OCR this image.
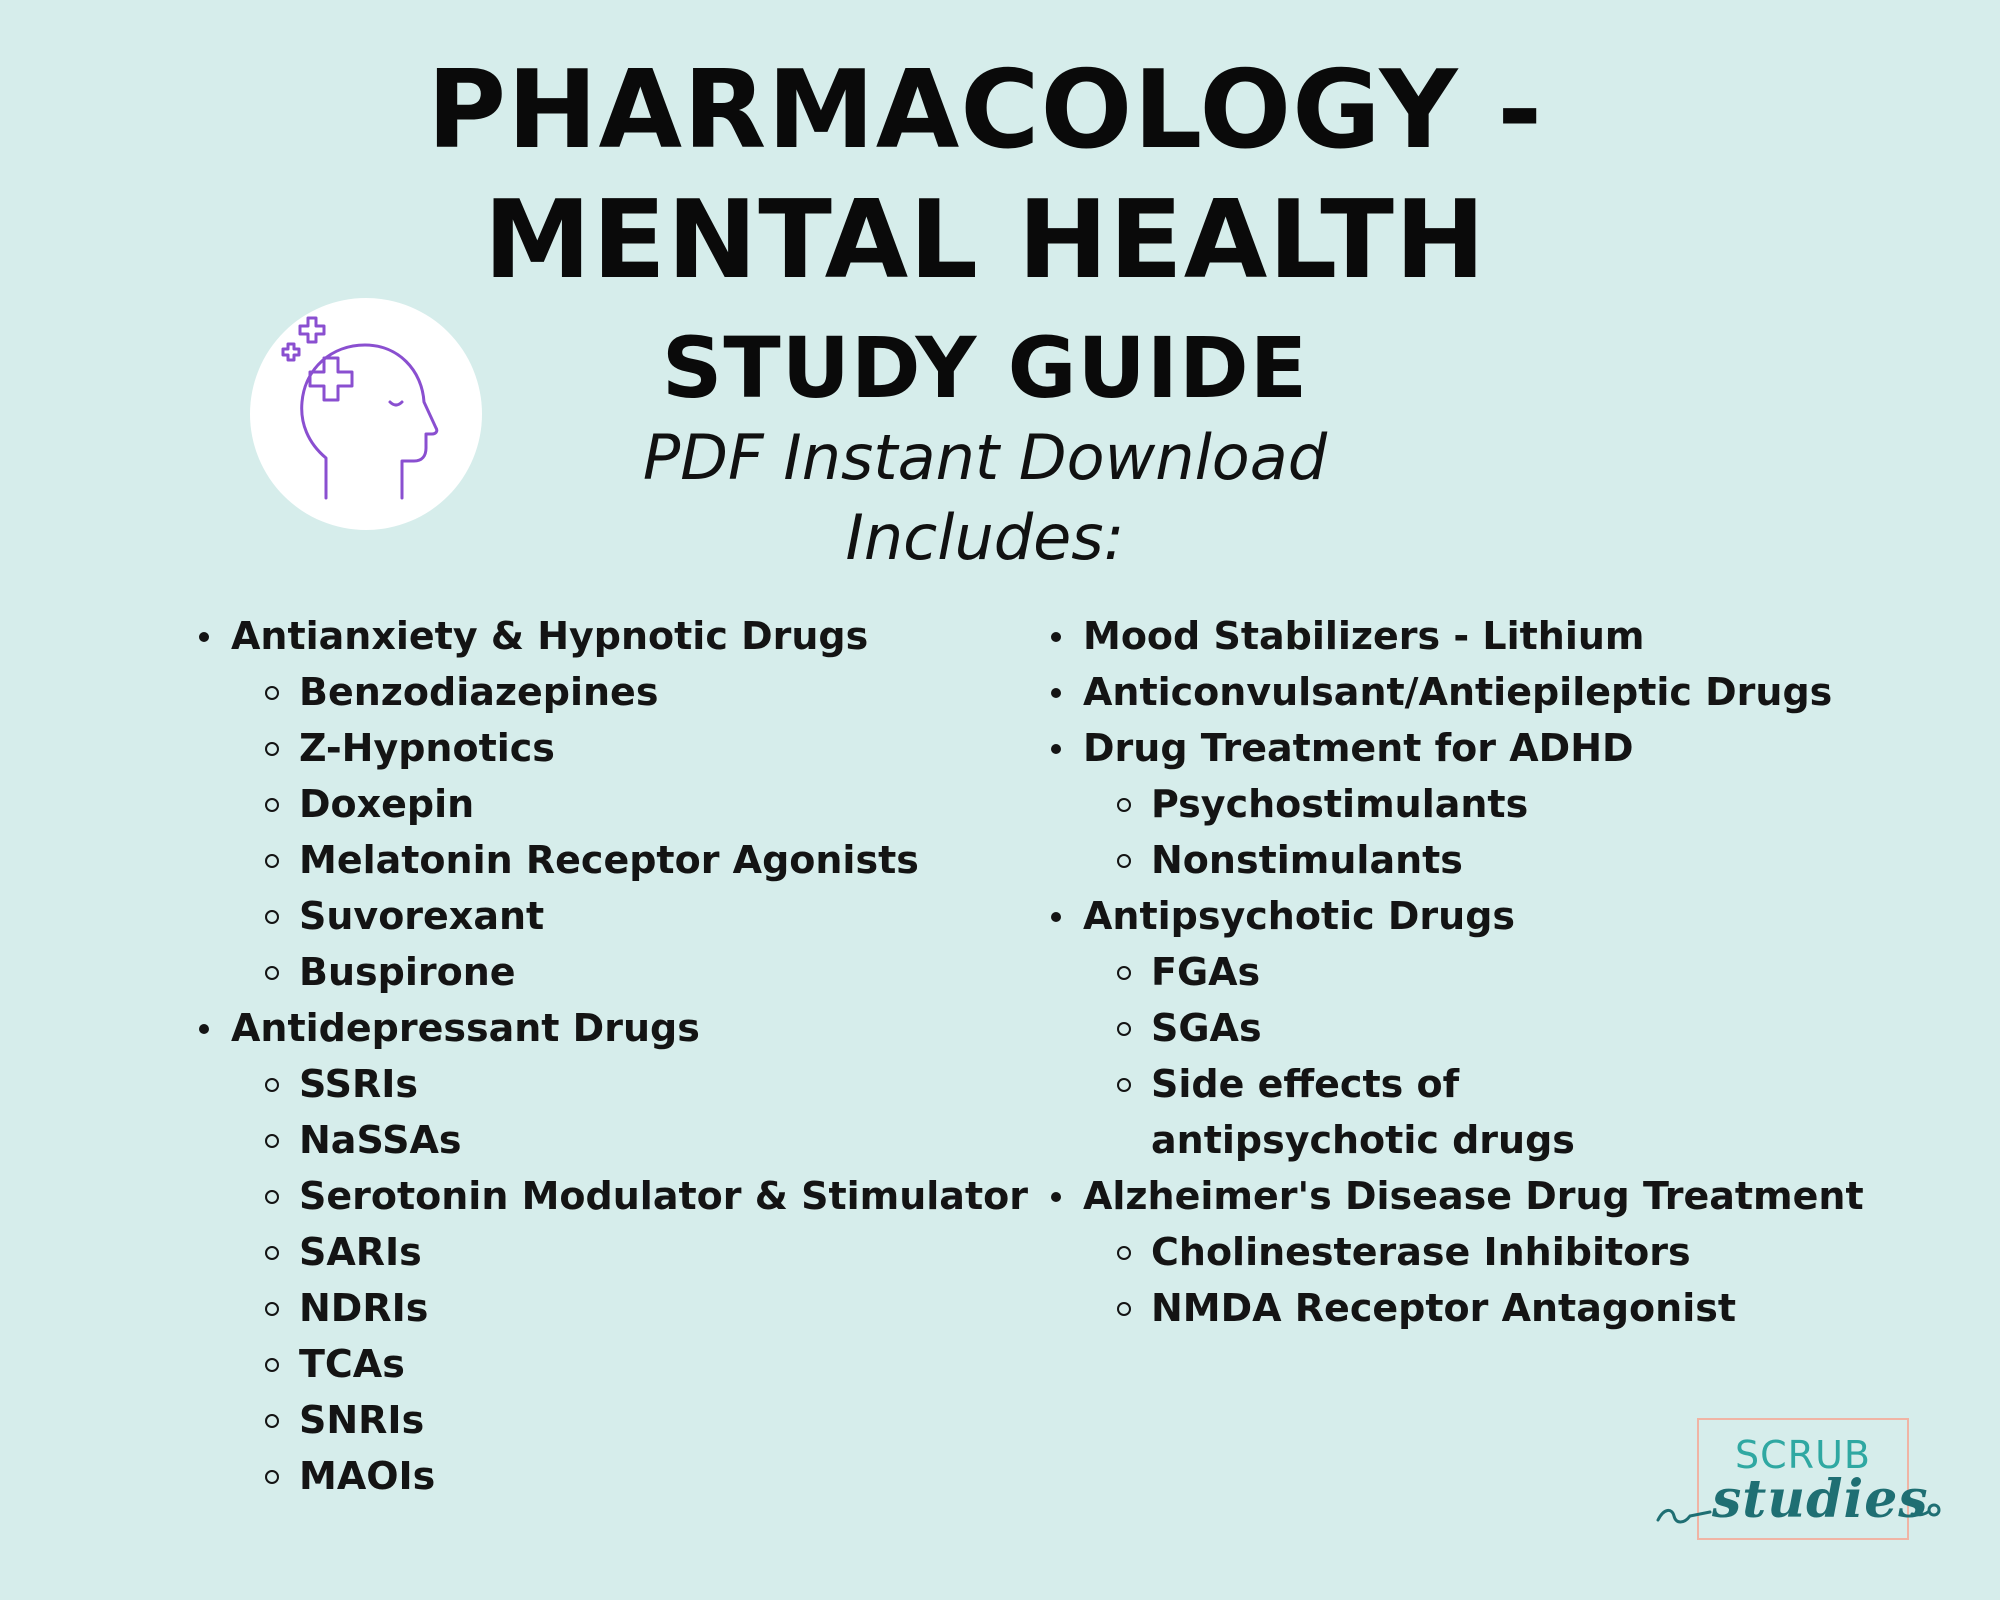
PHARMACOLOGY -
MENTAL HEALTH
STUDY GUIDE
PDF Instant Download
Includes:
Antianxiety & Hypnotic Drugs
Benzodiazepines
Z-Hypnotics
Doxepin
Melatonin Receptor Agonists
Suvorexant
Buspirone
Antidepressant Drugs
SSRIs
NaSSAs
Serotonin Modulator & Stimulator
SARIs
NDRIs
TCAs
SNRIs
MAOIs
Mood Stabilizers - Lithium
Anticonvulsant/Antiepileptic Drugs
Drug Treatment for ADHD
Psychostimulants
Nonstimulants
Antipsychotic Drugs
FGAs
SGAs
Side effects of antipsychotic drugs
Alzheimer's Disease Drug Treatment
Cholinesterase Inhibitors
NMDA Receptor Antagonist
SCRUB
studies
